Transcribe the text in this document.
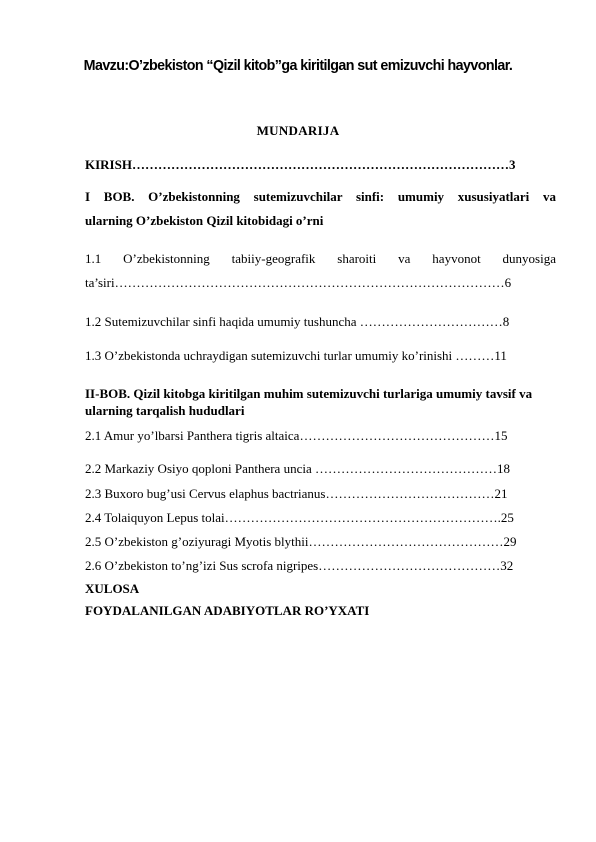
Mavzu:O’zbekiston “Qizil kitob”ga kiritilgan sut emizuvchi hayvonlar.
MUNDARIJA
KIRISH……………………………………………………………………………3
I BOB. O’zbekistonning sutemizuvchilar sinfi: umumiy xususiyatlari va
ularning O’zbekiston Qizil kitobidagi o’rni
1.1 O’zbekistonning tabiiy-geografik sharoiti va hayvonot dunyosiga
ta’siri………………………………………………………………………………6
1.2 Sutemizuvchilar sinfi haqida umumiy tushuncha ……………………………8
1.3 O’zbekistonda uchraydigan sutemizuvchi turlar umumiy ko’rinishi ………11
II-BOB. Qizil kitobga kiritilgan muhim sutemizuvchi turlariga umumiy tavsif va ularning tarqalish hududlari
2.1 Amur yo’lbarsi Panthera tigris altaica………………………………………15
2.2 Markaziy Osiyo qoploni Panthera uncia ……………………………………18
2.3 Buxoro bug’usi Cervus elaphus bactrianus…………………………………21
2.4 Tolaiquyon Lepus tolai……………………………………………………….25
2.5 O’zbekiston g’oziyuragi Myotis blythii………………………………………29
2.6 O’zbekiston to’ng’izi Sus scrofa nigripes……………………………………32
XULOSA
FOYDALANILGAN ADABIYOTLAR RO’YXATI
